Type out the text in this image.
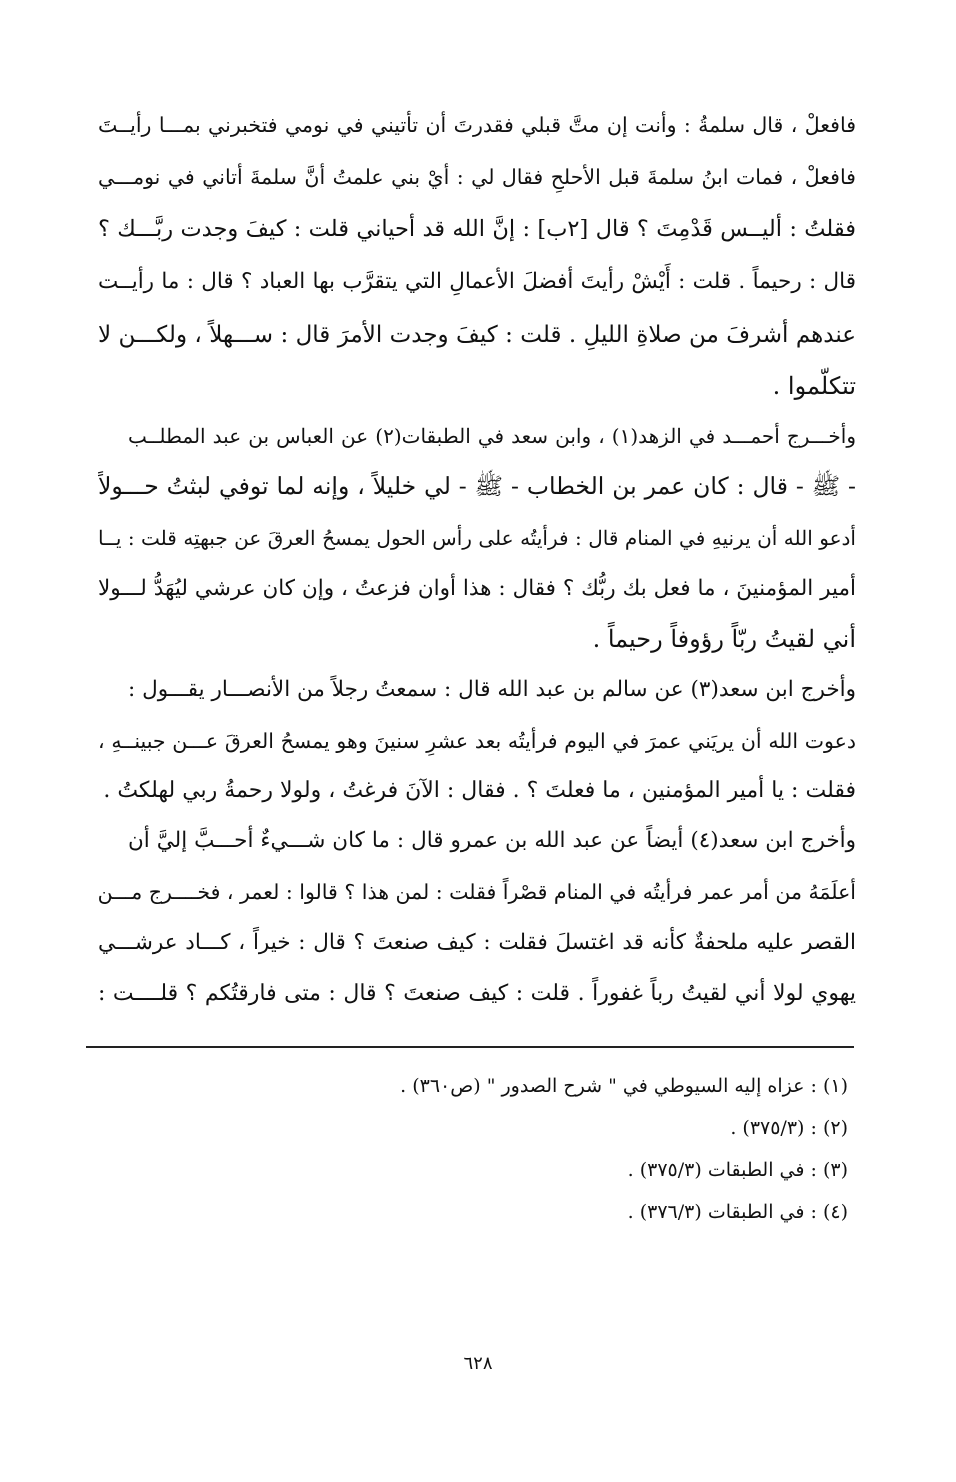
فافعلْ ، قال سلمةُ : وأنت إن متَّ قبلي فقدرتَ أن تأتيني في نومي فتخبرني بمـــا رأيــتَ
فافعلْ ، فمات ابنُ سلمةَ قبل الأحلحِ فقال لي : أيْ بني علمتُ أنَّ سلمةَ أتاني في نومـــي
فقلتُ : أليــس قَدْمِتَ ؟ قال [٢ب] : إنَّ الله قد أحياني قلت : كيفَ وجدت ربَّـــك ؟
قال : رحيماً . قلت : أَيْشْ رأيتَ أفضلَ الأعمالِ التي يتقرَّب بها العباد ؟ قال : ما رأيــت
عندهم أشرفَ من صلاةِ الليلِ . قلت : كيفَ وجدت الأمرَ قال : ســـهلاً ، ولكـــن لا
تتكلّموا .
وأخـــرج أحمـــد في الزهد(١) ، وابن سعد في الطبقات(٢) عن العباس بن عبد المطلــب
- ﷺ - قال : كان عمر بن الخطاب - ﷺ - لي خليلاً ، وإنه لما توفي لبثتُ حـــولاً
أدعو الله أن يرنيهِ في المنام قال : فرأيتُه على رأس الحول يمسحُ العرقَ عن جبهتِه قلت : يــا
أمير المؤمنينَ ، ما فعل بك ربُّك ؟ فقال : هذا أوان فزعتُ ، وإن كان عرشي ليُهَدُّ لـــولا
أني لقيتُ ربّاً رؤوفاً رحيماً .
وأخرج ابن سعد(٣) عن سالم بن عبد الله قال : سمعتُ رجلاً من الأنصـــار يقـــول :
دعوت الله أن يريَني عمرَ في اليوم فرأيتُه بعد عشرِ سنينَ وهو يمسحُ العرقَ عـــن جبينــهِ ،
فقلت : يا أمير المؤمنين ، ما فعلتَ ؟ . فقال : الآنَ فرغتُ ، ولولا رحمةُ ربي لهلكتُ .
وأخرج ابن سعد(٤) أيضاً عن عبد الله بن عمرو قال : ما كان شـــيءٌ أحـــبَّ إليَّ أن
أعلَمَهُ من أمر عمر فرأيتُه في المنام قصْراً فقلت : لمن هذا ؟ قالوا : لعمر ، فخــــرج مـــن
القصر عليه ملحفةٌ كأنه قد اغتسلَ فقلت : كيف صنعتَ ؟ قال : خيراً ، كـــاد عرشـــي
يهوي لولا أني لقيتُ رباً غفوراً . قلت : كيف صنعتَ ؟ قال : متى فارقتُكم ؟ قلــــت :
(١) : عزاه إليه السيوطي في " شرح الصدور " (ص٣٦٠) .
(٢) : (٣٧٥/٣) .
(٣) : في الطبقات (٣٧٥/٣) .
(٤) : في الطبقات (٣٧٦/٣) .
٦٢٨
